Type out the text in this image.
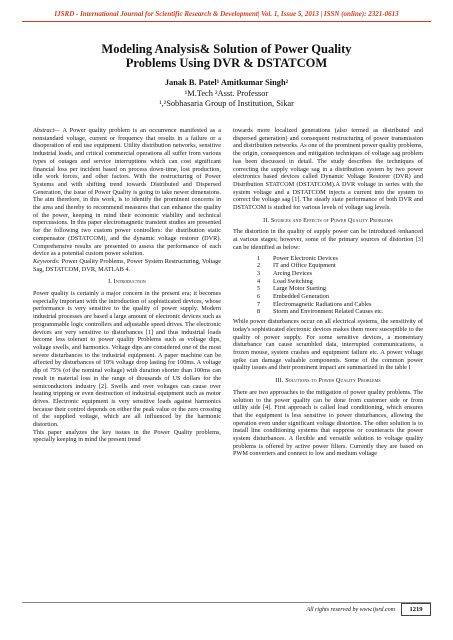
IJSRD - International Journal for Scientific Research & Development| Vol. 1, Issue 5, 2013 | ISSN (online): 2321-0613
Modeling Analysis& Solution of Power Quality
Problems Using DVR & DSTATCOM
Janak B. Patel¹ Amitkumar Singh²
¹M.Tech ²Asst. Professor
¹,²Sobhasaria Group of Institution, Sikar

Abstract— A Power quality problem is an occurrence manifested as a nonstandard voltage, current or frequency that results in a failure or a disoperation of end use equipment. Utility distribution networks, sensitive industrial loads, and critical commercial operations all suffer from various types of outages and service interruptions which can cost significant financial loss per incident based on process down-time, lost production, idle work forces, and other factors. With the restructuring of Power Systems and with shifting trend towards Distributed and Dispersed Generation, the issue of Power Quality is going to take newer dimensions. The aim therefore, in this work, is to identify the prominent concerns in the area and thereby to recommend measures that can enhance the quality of the power, keeping in mind their economic viability and technical repercussions. In this paper electromagnetic transient studies are presented for the following two custom power controllers: the distribution static compensator (DSTATCOM), and the dynamic voltage restorer (DVR). Comprehensive results are presented to assess the performance of each device as a potential custom power solution.

Keywords: Power Quality Problems, Power System Restructuring, Voltage Sag, DSTATCOM, DVR, MATLAB 4.

I. Introduction

Power quality is certainly a major concern in the present era; it becomes especially important with the introduction of sophisticated devices, whose performance is very sensitive to the quality of power supply. Modern industrial processes are based a large amount of electronic devices such as programmable logic controllers and adjustable speed drives. The electronic devices are very sensitive to disturbances [1] and thus industrial loads become less tolerant to power quality Problems such as voltage dips, voltage swells, and harmonics. Voltage dips are considered one of the most severe disturbances to the industrial equipment. A paper machine can be affected by disturbances of 10% voltage drop lasting for 100ms. A voltage dip of 75% (of the nominal voltage) with duration shorter than 100ms can result in material loss in the range of thousands of US dollars for the semiconductors industry [2]. Swells and over voltages can cause over heating tripping or even destruction of industrial equipment such as motor drives. Electronic equipment is very sensitive loads against harmonics because their control depends on either the peak value or the zero crossing of the supplied voltage, which are all influenced by the harmonic distortion.

This paper analyzes the key issues in the Power Quality problems, specially keeping in mind the present trend

towards more localized generations (also termed as distributed and dispersed generation) and consequent restructuring of power transmission and distribution networks. As one of the prominent power quality problems, the origin, consequences and mitigation techniques of voltage sag problem has been discussed in detail. The study describes the techniques of correcting the supply voltage sag in a distribution system by two power electronics based devices called Dynamic Voltage Restorer (DVR) and Distribution STATCOM (DSTATCOM).A DVR voltage in series with the system voltage and a DSTATCOM injects a current into the system to correct the voltage sag [1]. The steady state performance of both DVR and DSTATCOM is studied for various levels of voltage sag levels.

II. Sources and Effects of Power Quality Problems

The distortion in the quality of supply power can be introduced /enhanced at various stages; however, some of the primary sources of distortion [3] can be identified as below:

1 Power Electronic Devices
2 IT and Office Equipment
3 Arcing Devices
4 Load Switching
5 Large Motor Starting
6 Embedded Generation
7 Electromagnetic Radiations and Cables
8 Storm and Environment Related Causes etc.

While power disturbances occur on all electrical systems, the sensitivity of today's sophisticated electronic devices makes them more susceptible to the quality of power supply. For some sensitive devices, a momentary disturbance can cause scrambled data, interrupted communications, a frozen mouse, system crashes and equipment failure etc. A power voltage spike can damage valuable components. Some of the common power quality issues and their prominent impact are summarized in the table I

III. Solutions to Power Quality Problems

There are two approaches to the mitigation of power quality problems. The solution to the power quality can be done from customer side or from utility side [4]. First approach is called load conditioning, which ensures that the equipment is less sensitive to power disturbances, allowing the operation even under significant voltage distortion. The other solution is to install line conditioning systems that suppress or counteracts the power system disturbances. A flexible and versatile solution to voltage quality problems is offered by active power filters. Currently they are based on PWM converters and connect to low and medium voltage

All rights reserved by www.ijsrd.com	1219
